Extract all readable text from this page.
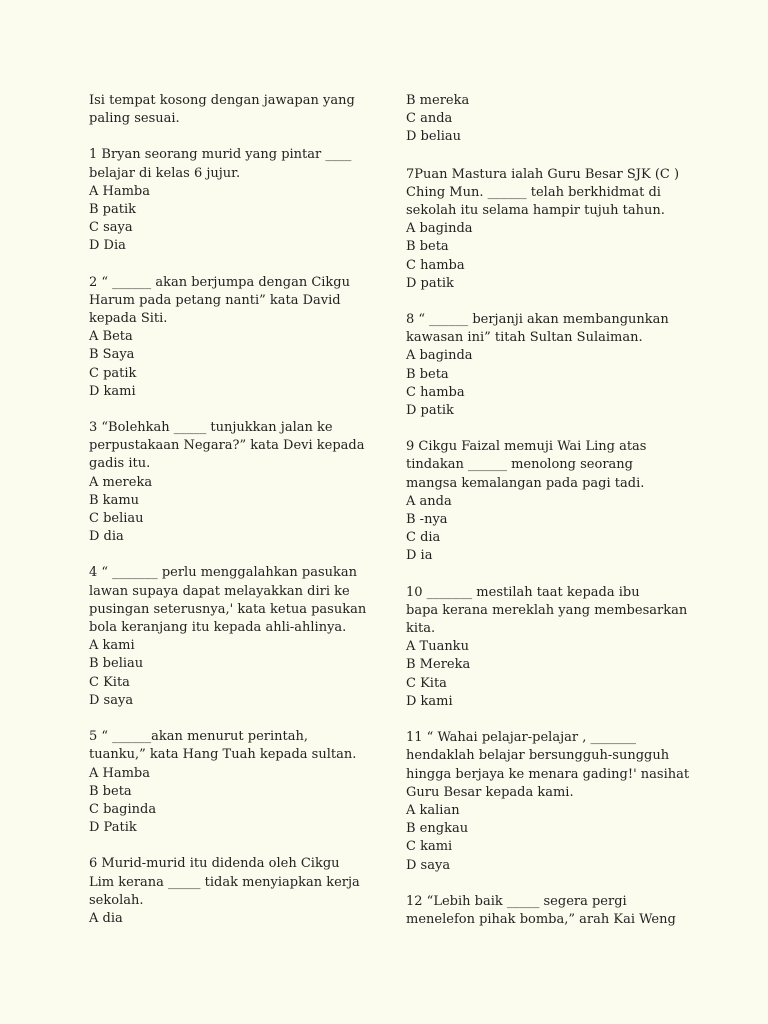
Isi tempat kosong dengan jawapan yang paling sesuai.
1 Bryan seorang murid yang pintar ____
belajar di kelas 6 jujur.
A Hamba
B patik
C saya
D Dia
2 “ ______ akan berjumpa dengan Cikgu
Harum pada petang nanti” kata David
kepada Siti.
A Beta
B Saya
C patik
D kami
3 “Bolehkah _____ tunjukkan jalan ke
perpustakaan Negara?” kata Devi kepada
gadis itu.
A mereka
B kamu
C beliau
D dia
4 “ _______ perlu menggalahkan pasukan
lawan supaya dapat melayakkan diri ke
pusingan seterusnya,' kata ketua pasukan
bola keranjang itu kepada ahli-ahlinya.
A kami
B beliau
C Kita
D saya
5 “ ______akan menurut perintah,
tuanku,” kata Hang Tuah kepada sultan.
A Hamba
B beta
C baginda
D Patik
6 Murid-murid itu didenda oleh Cikgu
Lim kerana _____ tidak menyiapkan kerja
sekolah.
A dia
B mereka
C anda
D beliau
7Puan Mastura ialah Guru Besar SJK (C )
Ching Mun. ______ telah berkhidmat di
sekolah itu selama hampir tujuh tahun.
A baginda
B beta
C hamba
D patik
8 “ ______ berjanji akan membangunkan
kawasan ini” titah Sultan Sulaiman.
A baginda
B beta
C hamba
D patik
9 Cikgu Faizal memuji Wai Ling atas
tindakan ______ menolong seorang
mangsa kemalangan pada pagi tadi.
A anda
B -nya
C dia
D ia
10 _______ mestilah taat kepada ibu
bapa kerana mereklah yang membesarkan
kita.
A Tuanku
B Mereka
C Kita
D kami
11 “ Wahai pelajar-pelajar , _______
hendaklah belajar bersungguh-sungguh
hingga berjaya ke menara gading!' nasihat
Guru Besar kepada kami.
A kalian
B engkau
C kami
D saya
12 “Lebih baik _____ segera pergi
menelefon pihak bomba,” arah Kai Weng
